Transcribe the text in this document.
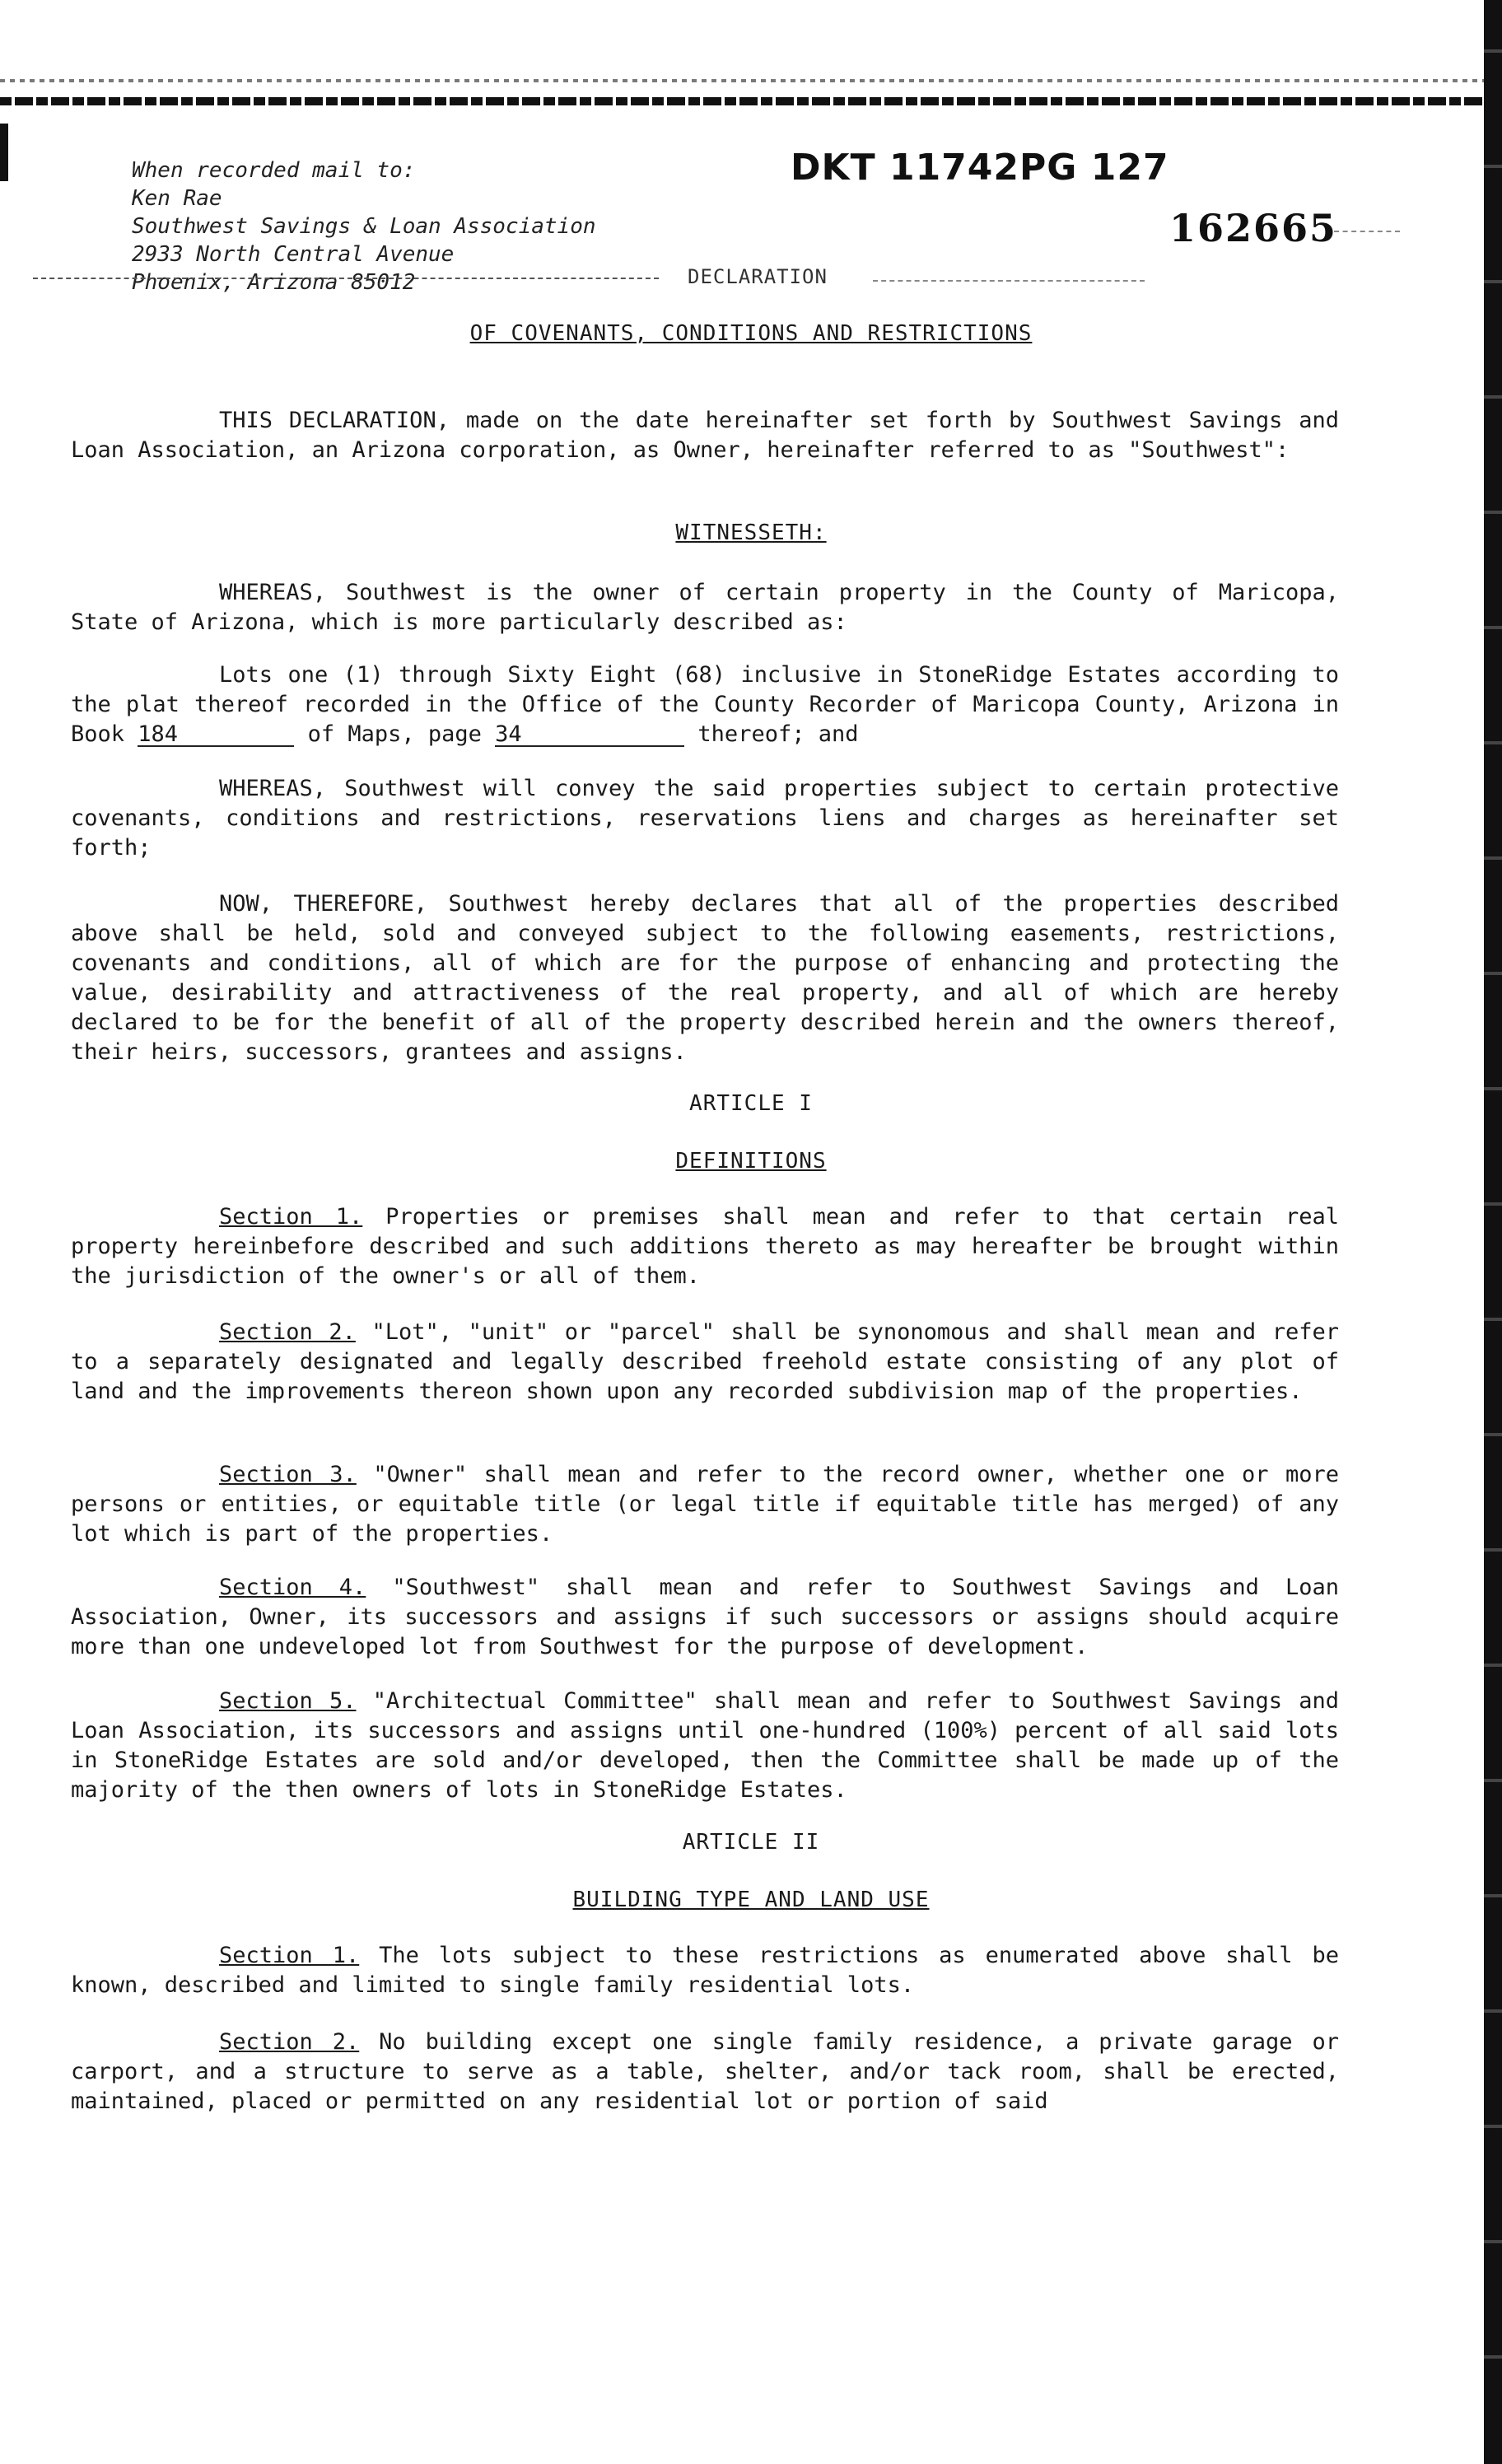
When recorded mail to:
Ken Rae
Southwest Savings & Loan Association
2933 North Central Avenue
Phoenix, Arizona 85012
DKT 11742PG 127
162665
DECLARATION
OF COVENANTS, CONDITIONS AND RESTRICTIONS
THIS DECLARATION, made on the date hereinafter set forth by Southwest Savings and Loan Association, an Arizona corporation, as Owner, hereinafter referred to as "Southwest":
WITNESSETH:
WHEREAS, Southwest is the owner of certain property in the County of Maricopa, State of Arizona, which is more particularly described as:
Lots one (1) through Sixty Eight (68) inclusive in StoneRidge Estates according to the plat thereof recorded in the Office of the County Recorder of Maricopa County, Arizona in Book 184	of Maps, page 34	thereof; and
WHEREAS, Southwest will convey the said properties subject to certain protective covenants, conditions and restrictions, reservations liens and charges as hereinafter set forth;
NOW, THEREFORE, Southwest hereby declares that all of the properties described above shall be held, sold and conveyed subject to the following easements, restrictions, covenants and conditions, all of which are for the purpose of enhancing and protecting the value, desirability and attractiveness of the real property, and all of which are hereby declared to be for the benefit of all of the property described herein and the owners thereof, their heirs, successors, grantees and assigns.
ARTICLE I
DEFINITIONS
Section 1. Properties or premises shall mean and refer to that certain real property hereinbefore described and such additions thereto as may hereafter be brought within the jurisdiction of the owner's or all of them.
Section 2. "Lot", "unit" or "parcel" shall be synonomous and shall mean and refer to a separately designated and legally described freehold estate consisting of any plot of land and the improvements thereon shown upon any recorded subdivision map of the properties.
Section 3. "Owner" shall mean and refer to the record owner, whether one or more persons or entities, or equitable title (or legal title if equitable title has merged) of any lot which is part of the properties.
Section 4. "Southwest" shall mean and refer to Southwest Savings and Loan Association, Owner, its successors and assigns if such successors or assigns should acquire more than one undeveloped lot from Southwest for the purpose of development.
Section 5. "Architectual Committee" shall mean and refer to Southwest Savings and Loan Association, its successors and assigns until one-hundred (100%) percent of all said lots in StoneRidge Estates are sold and/or developed, then the Committee shall be made up of the majority of the then owners of lots in StoneRidge Estates.
ARTICLE II
BUILDING TYPE AND LAND USE
Section 1. The lots subject to these restrictions as enumerated above shall be known, described and limited to single family residential lots.
Section 2. No building except one single family residence, a private garage or carport, and a structure to serve as a table, shelter, and/or tack room, shall be erected, maintained, placed or permitted on any residential lot or portion of said
